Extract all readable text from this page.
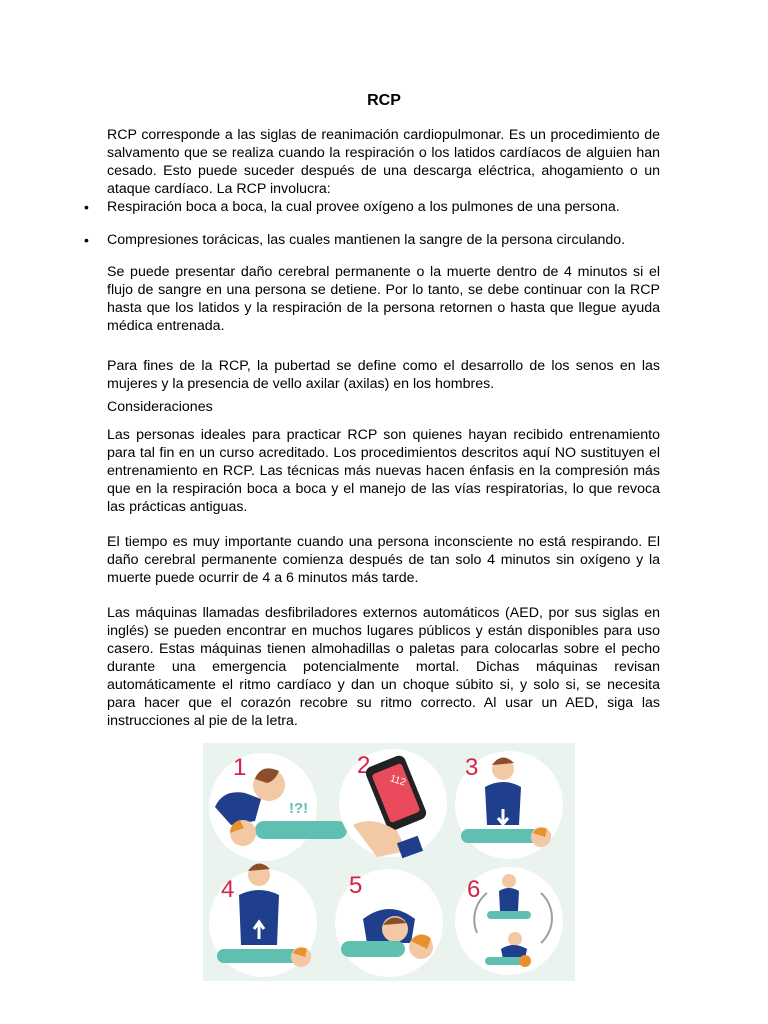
RCP
RCP corresponde a las siglas de reanimación cardiopulmonar. Es un procedimiento de salvamento que se realiza cuando la respiración o los latidos cardíacos de alguien han cesado. Esto puede suceder después de una descarga eléctrica, ahogamiento o un ataque cardíaco. La RCP involucra:
• Respiración boca a boca, la cual provee oxígeno a los pulmones de una persona.
• Compresiones torácicas, las cuales mantienen la sangre de la persona circulando.
Se puede presentar daño cerebral permanente o la muerte dentro de 4 minutos si el flujo de sangre en una persona se detiene. Por lo tanto, se debe continuar con la RCP hasta que los latidos y la respiración de la persona retornen o hasta que llegue ayuda médica entrenada.
Para fines de la RCP, la pubertad se define como el desarrollo de los senos en las mujeres y la presencia de vello axilar (axilas) en los hombres.
Consideraciones
Las personas ideales para practicar RCP son quienes hayan recibido entrenamiento para tal fin en un curso acreditado. Los procedimientos descritos aquí NO sustituyen el entrenamiento en RCP. Las técnicas más nuevas hacen énfasis en la compresión más que en la respiración boca a boca y el manejo de las vías respiratorias, lo que revoca las prácticas antiguas.
El tiempo es muy importante cuando una persona inconsciente no está respirando. El daño cerebral permanente comienza después de tan solo 4 minutos sin oxígeno y la muerte puede ocurrir de 4 a 6 minutos más tarde.
Las máquinas llamadas desfibriladores externos automáticos (AED, por sus siglas en inglés) se pueden encontrar en muchos lugares públicos y están disponibles para uso casero. Estas máquinas tienen almohadillas o paletas para colocarlas sobre el pecho durante una emergencia potencialmente mortal. Dichas máquinas revisan automáticamente el ritmo cardíaco y dan un choque súbito si, y solo si, se necesita para hacer que el corazón recobre su ritmo correcto. Al usar un AED, siga las instrucciones al pie de la letra.
1
!?!
2
112 3
4	5	6
